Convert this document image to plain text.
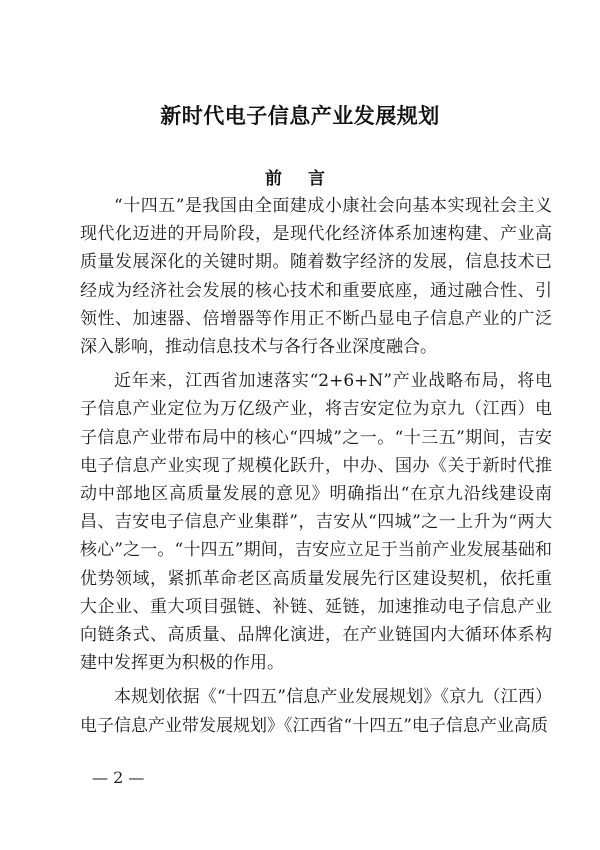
新时代电子信息产业发展规划
前 言

“十四五”是我国由全面建成小康社会向基本实现社会主义现代化迈进的开局阶段，是现代化经济体系加速构建、产业高质量发展深化的关键时期。随着数字经济的发展，信息技术已经成为经济社会发展的核心技术和重要底座，通过融合性、引领性、加速器、倍增器等作用正不断凸显电子信息产业的广泛深入影响，推动信息技术与各行各业深度融合。

近年来，江西省加速落实“2+6+N”产业战略布局，将电子信息产业定位为万亿级产业，将吉安定位为京九（江西）电子信息产业带布局中的核心“四城”之一。“十三五”期间，吉安电子信息产业实现了规模化跃升，中办、国办《关于新时代推动中部地区高质量发展的意见》明确指出“在京九沿线建设南昌、吉安电子信息产业集群”，吉安从“四城”之一上升为“两大核心”之一。“十四五”期间，吉安应立足于当前产业发展基础和优势领域，紧抓革命老区高质量发展先行区建设契机，依托重大企业、重大项目强链、补链、延链，加速推动电子信息产业向链条式、高质量、品牌化演进，在产业链国内大循环体系构建中发挥更为积极的作用。

本规划依据《“十四五”信息产业发展规划》《京九（江西）电子信息产业带发展规划》《江西省“十四五”电子信息产业高质

— 2 —
